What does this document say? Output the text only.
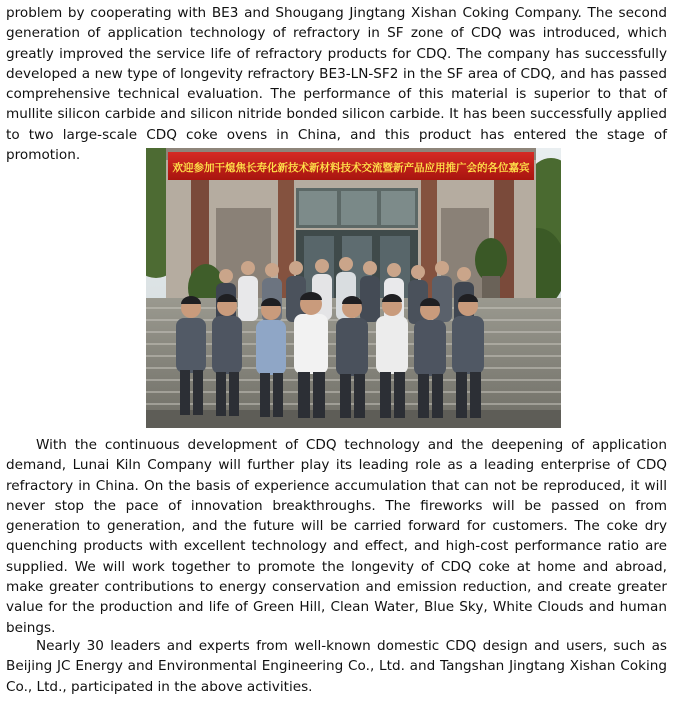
problem by cooperating with BE3 and Shougang Jingtang Xishan Coking Company. The second generation of application technology of refractory in SF zone of CDQ was introduced, which greatly improved the service life of refractory products for CDQ. The company has successfully developed a new type of longevity refractory BE3-LN-SF2 in the SF area of CDQ, and has passed comprehensive technical evaluation. The performance of this material is superior to that of mullite silicon carbide and silicon nitride bonded silicon carbide. It has been successfully applied to two large-scale CDQ coke ovens in China, and this product has entered the stage of promotion.

欢迎参加干熄焦长寿化新技术新材料技术交流暨新产品应用推广会的各位嘉宾

With the continuous development of CDQ technology and the deepening of application demand, Lunai Kiln Company will further play its leading role as a leading enterprise of CDQ refractory in China. On the basis of experience accumulation that can not be reproduced, it will never stop the pace of innovation breakthroughs. The fireworks will be passed on from generation to generation, and the future will be carried forward for customers. The coke dry quenching products with excellent technology and effect, and high-cost performance ratio are supplied. We will work together to promote the longevity of CDQ coke at home and abroad, make greater contributions to energy conservation and emission reduction, and create greater value for the production and life of Green Hill, Clean Water, Blue Sky, White Clouds and human beings.

Nearly 30 leaders and experts from well-known domestic CDQ design and users, such as Beijing JC Energy and Environmental Engineering Co., Ltd. and Tangshan Jingtang Xishan Coking Co., Ltd., participated in the above activities.
